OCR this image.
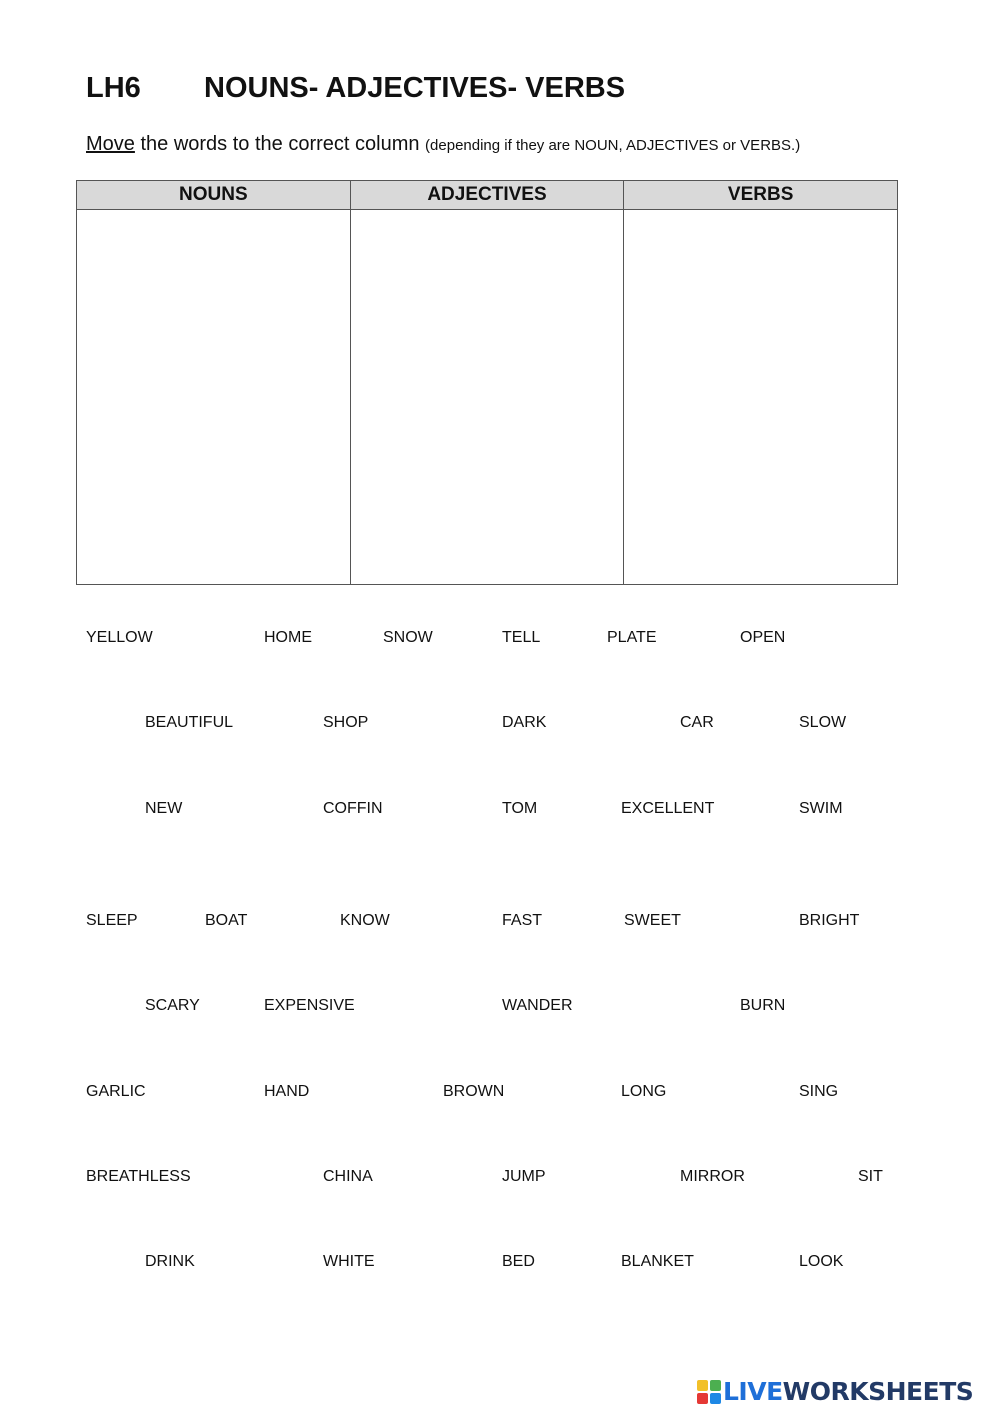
LH6 NOUNS- ADJECTIVES- VERBS
Move the words to the correct column (depending if they are NOUN, ADJECTIVES or VERBS.)
NOUNS	ADJECTIVES	VERBS

YELLOW	HOME	SNOW	TELL	PLATE	OPEN
BEAUTIFUL	SHOP	DARK	CAR	SLOW
NEW	COFFIN	TOM	EXCELLENT	SWIM
SLEEP	BOAT	KNOW	FAST	SWEET	BRIGHT
SCARY	EXPENSIVE	WANDER	BURN
GARLIC	HAND	BROWN	LONG	SING
BREATHLESS	CHINA	JUMP	MIRROR	SIT
DRINK	WHITE	BED	BLANKET	LOOK
LIVEWORKSHEETS
